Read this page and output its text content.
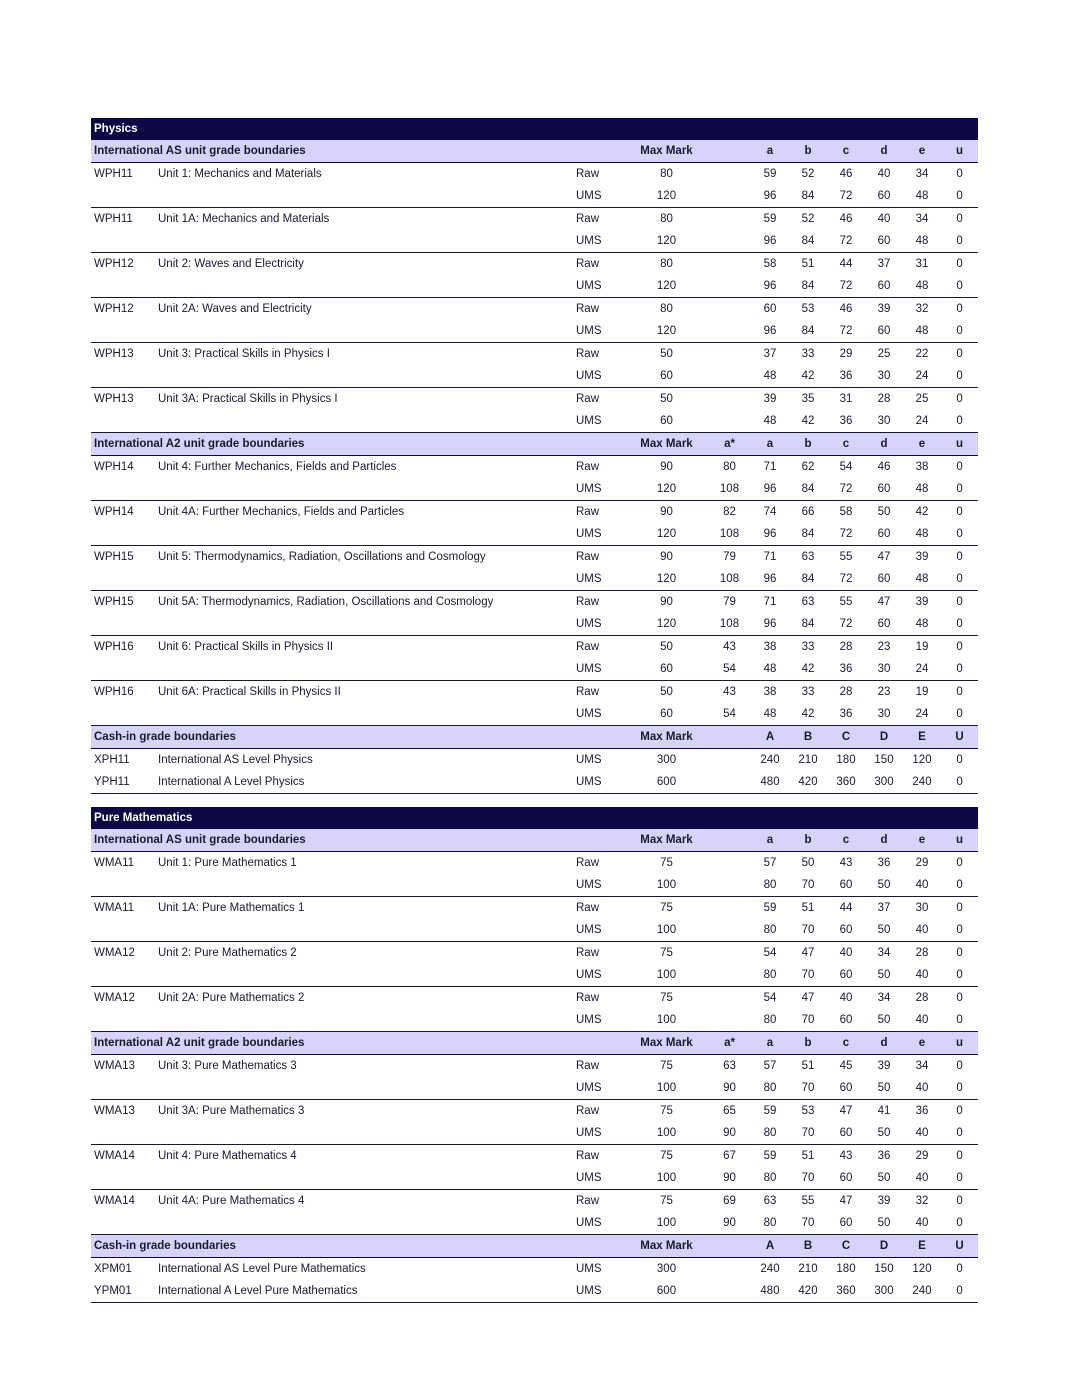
Physics										
International AS unit grade boundaries			Max Mark		a	b	c	d	e	u
WPH11	Unit 1: Mechanics and Materials	Raw	80		59	52	46	40	34	0
		UMS	120		96	84	72	60	48	0
WPH11	Unit 1A: Mechanics and Materials	Raw	80		59	52	46	40	34	0
		UMS	120		96	84	72	60	48	0
WPH12	Unit 2: Waves and Electricity	Raw	80		58	51	44	37	31	0
		UMS	120		96	84	72	60	48	0
WPH12	Unit 2A: Waves and Electricity	Raw	80		60	53	46	39	32	0
		UMS	120		96	84	72	60	48	0
WPH13	Unit 3: Practical Skills in Physics I	Raw	50		37	33	29	25	22	0
		UMS	60		48	42	36	30	24	0
WPH13	Unit 3A: Practical Skills in Physics I	Raw	50		39	35	31	28	25	0
		UMS	60		48	42	36	30	24	0
International A2 unit grade boundaries			Max Mark	a*	a	b	c	d	e	u
WPH14	Unit 4: Further Mechanics, Fields and Particles	Raw	90	80	71	62	54	46	38	0
		UMS	120	108	96	84	72	60	48	0
WPH14	Unit 4A: Further Mechanics, Fields and Particles	Raw	90	82	74	66	58	50	42	0
		UMS	120	108	96	84	72	60	48	0
WPH15	Unit 5: Thermodynamics, Radiation, Oscillations and Cosmology	Raw	90	79	71	63	55	47	39	0
		UMS	120	108	96	84	72	60	48	0
WPH15	Unit 5A: Thermodynamics, Radiation, Oscillations and Cosmology	Raw	90	79	71	63	55	47	39	0
		UMS	120	108	96	84	72	60	48	0
WPH16	Unit 6: Practical Skills in Physics II	Raw	50	43	38	33	28	23	19	0
		UMS	60	54	48	42	36	30	24	0
WPH16	Unit 6A: Practical Skills in Physics II	Raw	50	43	38	33	28	23	19	0
		UMS	60	54	48	42	36	30	24	0
Cash-in grade boundaries			Max Mark		A	B	C	D	E	U
XPH11	International AS Level Physics	UMS	300		240	210	180	150	120	0
YPH11	International A Level Physics	UMS	600		480	420	360	300	240	0
Pure Mathematics										
International AS unit grade boundaries			Max Mark		a	b	c	d	e	u
WMA11	Unit 1: Pure Mathematics 1	Raw	75		57	50	43	36	29	0
		UMS	100		80	70	60	50	40	0
WMA11	Unit 1A: Pure Mathematics 1	Raw	75		59	51	44	37	30	0
		UMS	100		80	70	60	50	40	0
WMA12	Unit 2: Pure Mathematics 2	Raw	75		54	47	40	34	28	0
		UMS	100		80	70	60	50	40	0
WMA12	Unit 2A: Pure Mathematics 2	Raw	75		54	47	40	34	28	0
		UMS	100		80	70	60	50	40	0
International A2 unit grade boundaries			Max Mark	a*	a	b	c	d	e	u
WMA13	Unit 3: Pure Mathematics 3	Raw	75	63	57	51	45	39	34	0
		UMS	100	90	80	70	60	50	40	0
WMA13	Unit 3A: Pure Mathematics 3	Raw	75	65	59	53	47	41	36	0
		UMS	100	90	80	70	60	50	40	0
WMA14	Unit 4: Pure Mathematics 4	Raw	75	67	59	51	43	36	29	0
		UMS	100	90	80	70	60	50	40	0
WMA14	Unit 4A: Pure Mathematics 4	Raw	75	69	63	55	47	39	32	0
		UMS	100	90	80	70	60	50	40	0
Cash-in grade boundaries			Max Mark		A	B	C	D	E	U
XPM01	International AS Level Pure Mathematics	UMS	300		240	210	180	150	120	0
YPM01	International A Level Pure Mathematics	UMS	600		480	420	360	300	240	0
